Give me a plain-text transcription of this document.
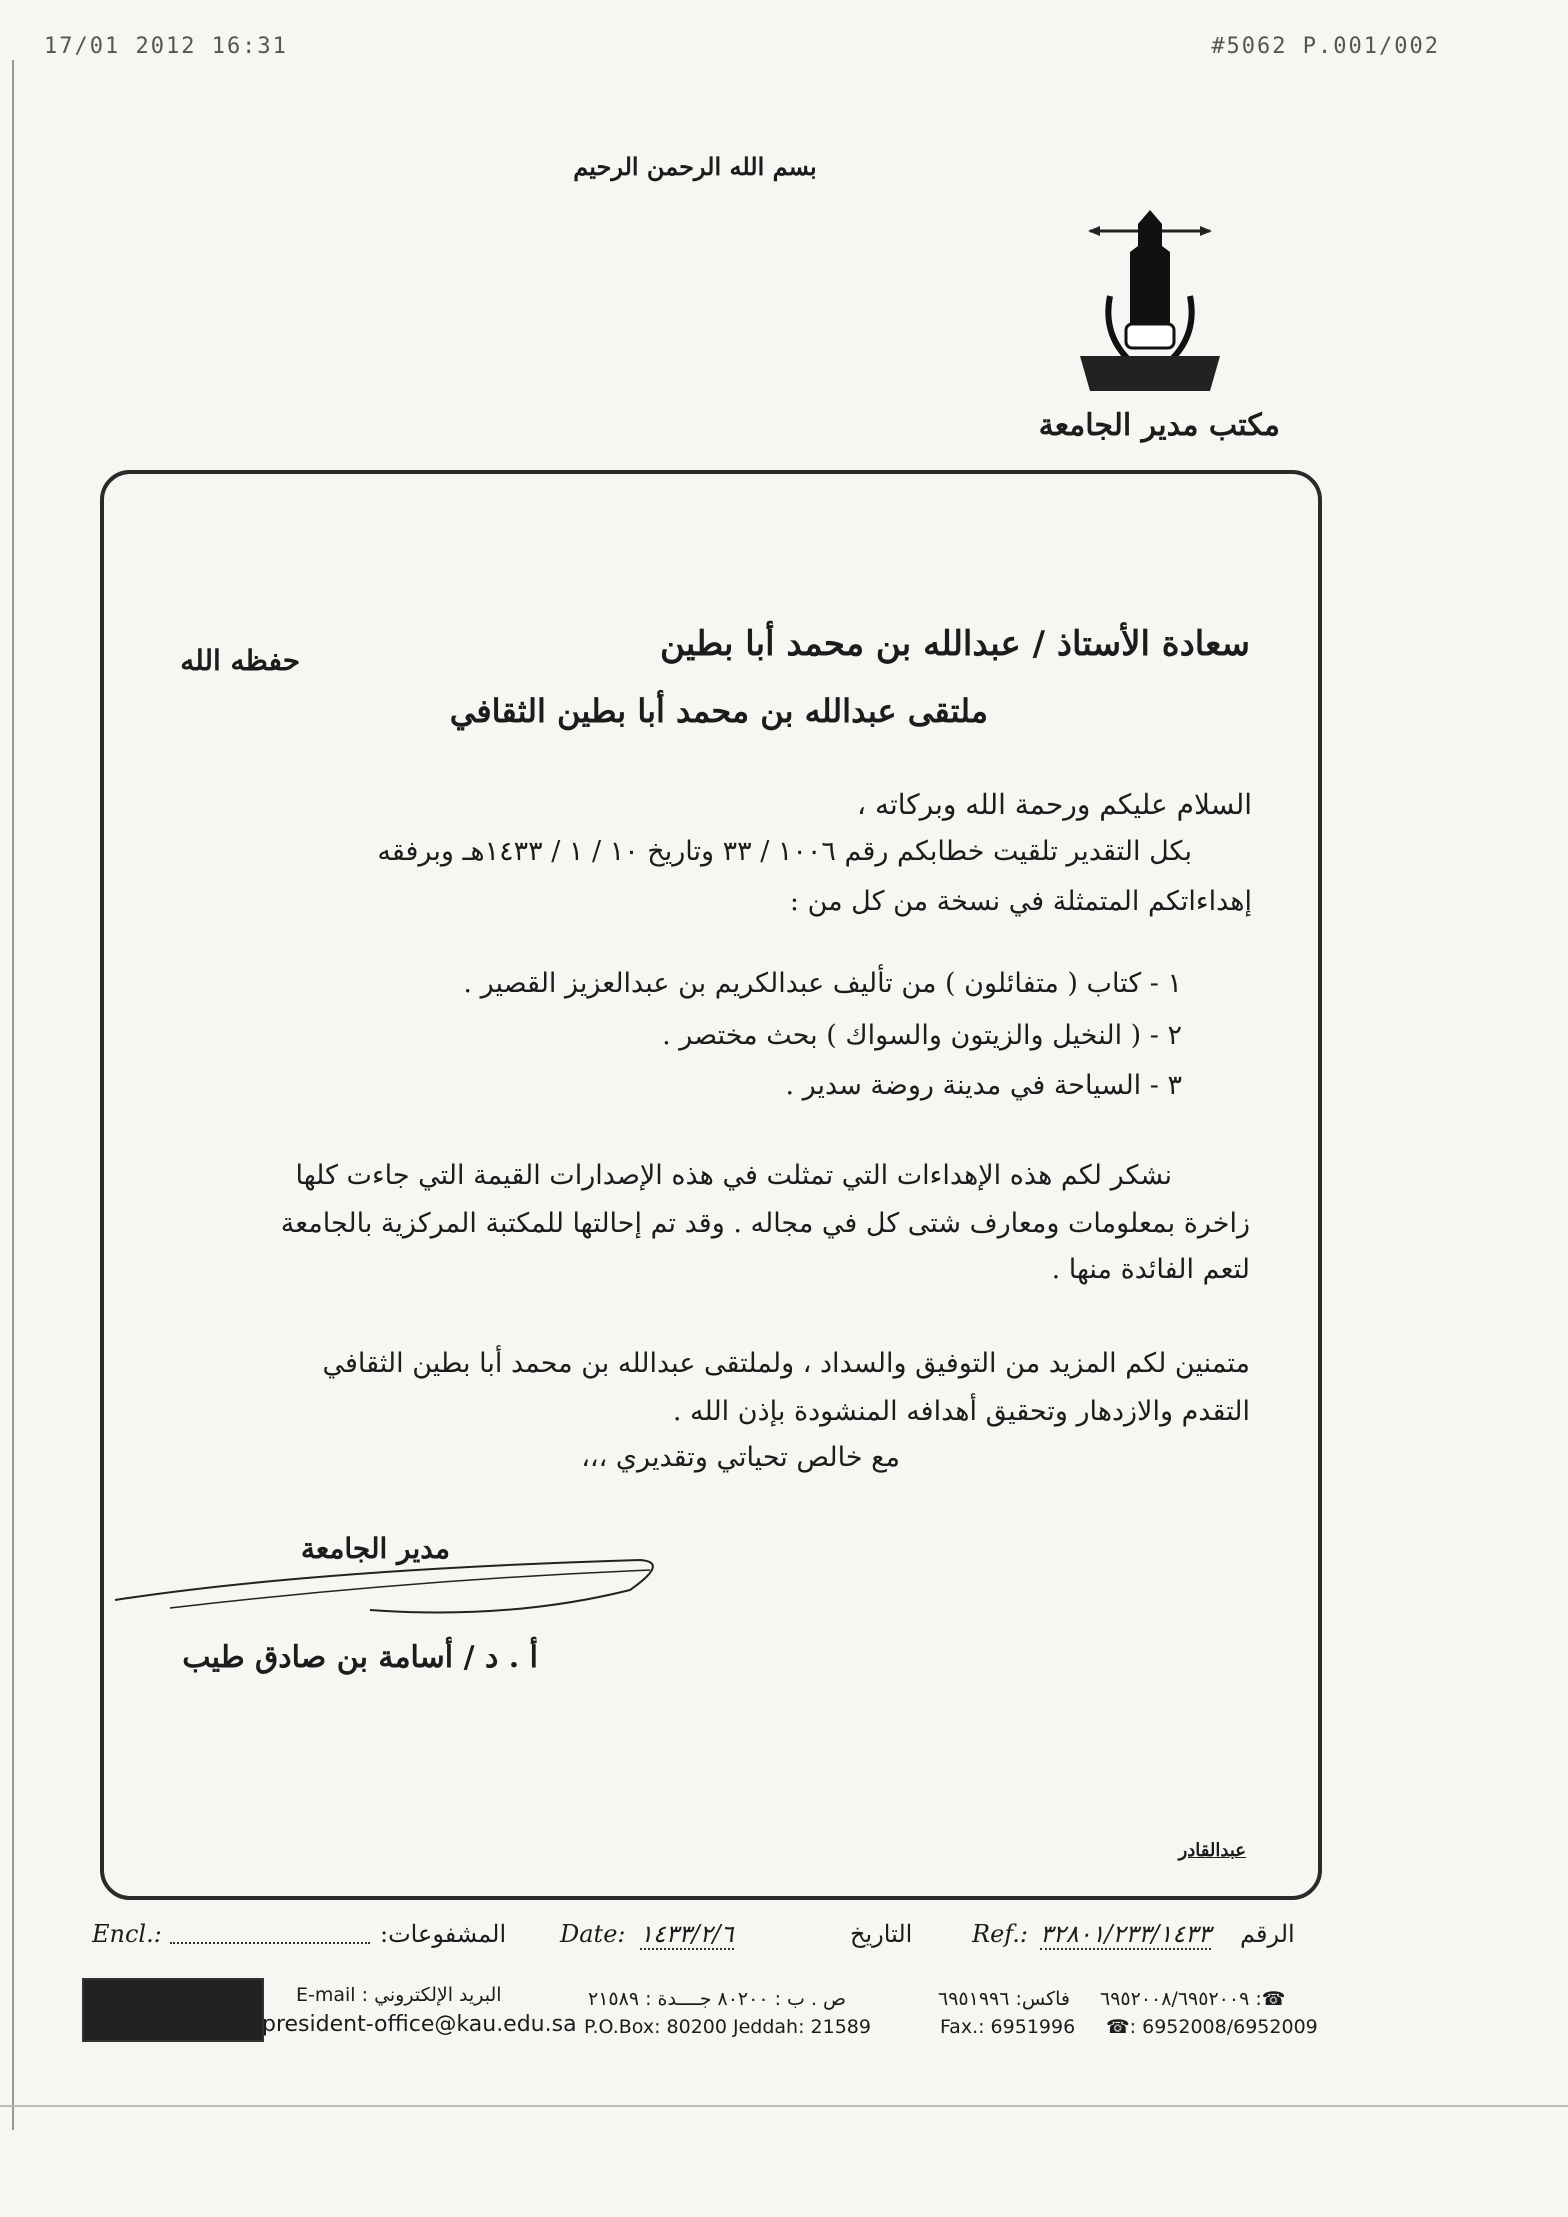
17/01 2012 16:31	#5062 P.001/002
بسم الله الرحمن الرحيم
مكتب مدير الجامعة
سعادة الأستاذ / عبدالله بن محمد أبا بطين
حفظه الله
ملتقى عبدالله بن محمد أبا بطين الثقافي
السلام عليكم ورحمة الله وبركاته ،
بكل التقدير تلقيت خطابكم رقم ١٠٠٦ / ٣٣ وتاريخ ١٠ / ١ / ١٤٣٣هـ وبرفقه
إهداءاتكم المتمثلة في نسخة من كل من :
١ - كتاب ( متفائلون ) من تأليف عبدالكريم بن عبدالعزيز القصير .
٢ - ( النخيل والزيتون والسواك ) بحث مختصر .
٣ - السياحة في مدينة روضة سدير .
نشكر لكم هذه الإهداءات التي تمثلت في هذه الإصدارات القيمة التي جاءت كلها
زاخرة بمعلومات ومعارف شتى كل في مجاله . وقد تم إحالتها للمكتبة المركزية بالجامعة
لتعم الفائدة منها .
متمنين لكم المزيد من التوفيق والسداد ، ولملتقى عبدالله بن محمد أبا بطين الثقافي
التقدم والازدهار وتحقيق أهدافه المنشودة بإذن الله .
مع خالص تحياتي وتقديري ،،،
مدير الجامعة
أ . د / أسامة بن صادق طيب
عبدالقادر
Encl.:	المشفوعات: Date: ١٤٣٣/٢/٦	التاريخ Ref.: ٣٢٨٠١/٢٣٣/١٤٣٣ الرقم
E-mail : البريد الإلكتروني
president-office@kau.edu.sa
ص . ب : ٨٠٢٠٠ جــــدة : ٢١٥٨٩
P.O.Box: 80200 Jeddah: 21589
فاكس: ٦٩٥١٩٩٦
Fax.: 6951996
☎: ٦٩٥٢٠٠٨/٦٩٥٢٠٠٩
☎: 6952008/6952009
